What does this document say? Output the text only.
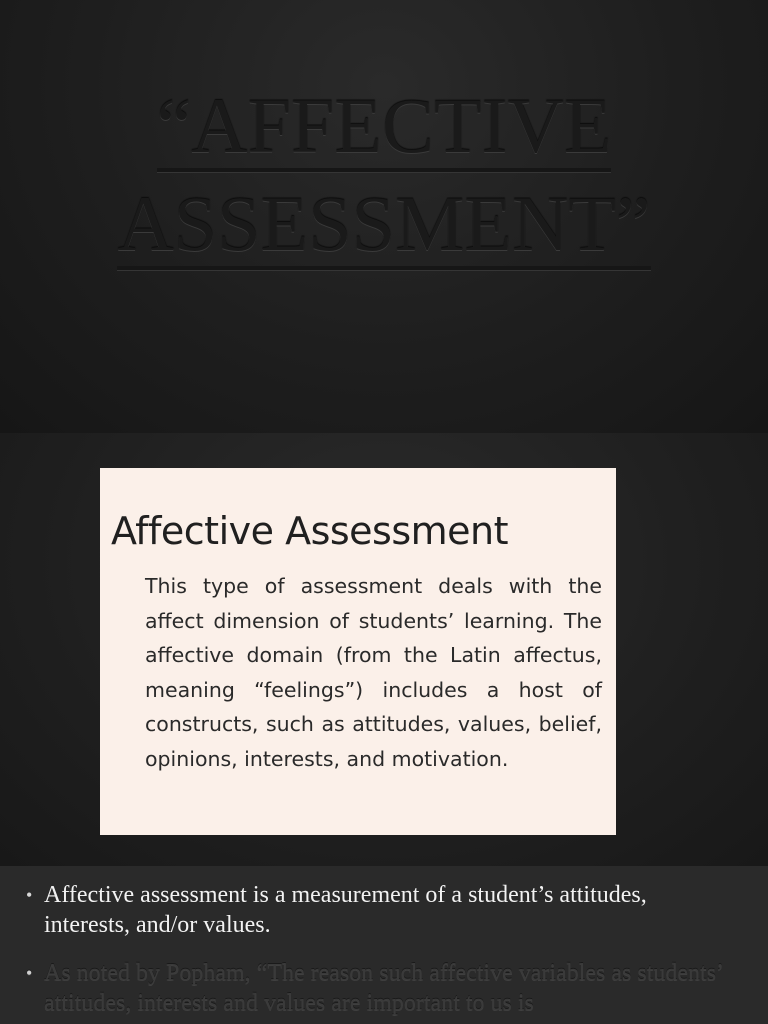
“AFFECTIVE
ASSESSMENT”
Affective Assessment

This type of assessment deals with the affect dimension of students’ learning. The affective domain (from the Latin affectus, meaning “feelings”) includes a host of constructs, such as attitudes, values, belief, opinions, interests, and motivation.

• Affective assessment is a measurement of a student’s attitudes, interests, and/or values.
• As noted by Popham, “The reason such affective variables as students’ attitudes, interests and values are important to us is
